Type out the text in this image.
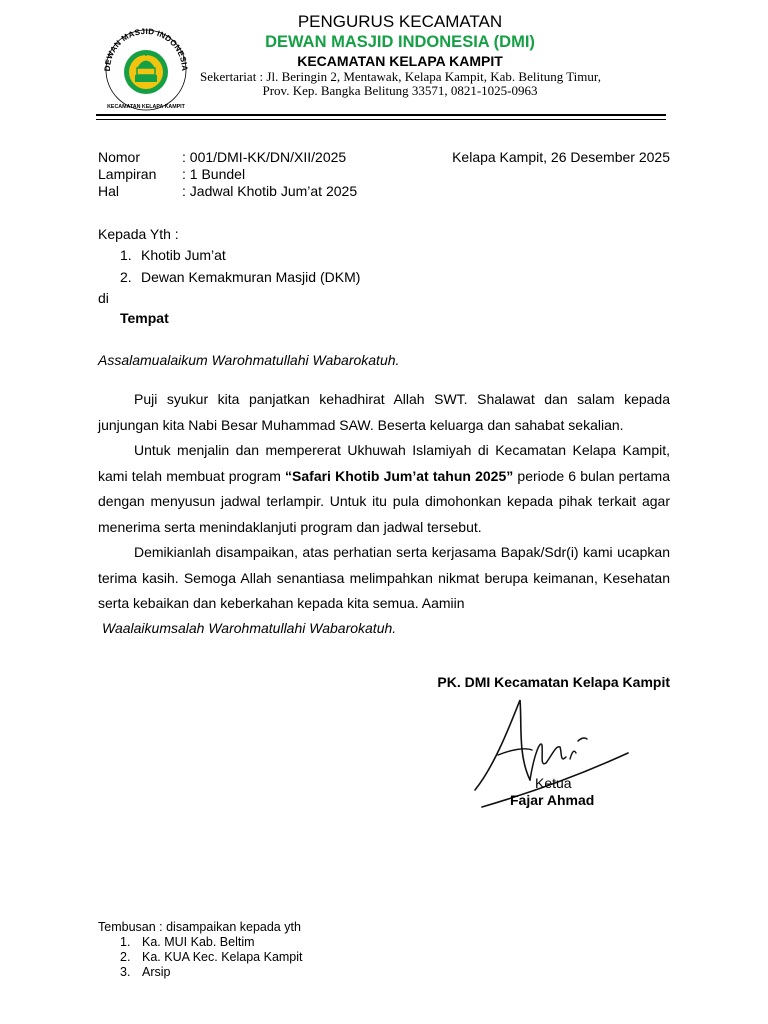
DEWAN MASJID INDONESIA
KECAMATAN KELAPA KAMPIT
PENGURUS KECAMATAN
DEWAN MASJID INDONESIA (DMI)
KECAMATAN KELAPA KAMPIT
Sekertariat : Jl. Beringin 2, Mentawak, Kelapa Kampit, Kab. Belitung Timur,
Prov. Kep. Bangka Belitung 33571, 0821-1025-0963
Nomor	: 001/DMI-KK/DN/XII/2025
Lampiran : 1 Bundel
Hal	: Jadwal Khotib Jum’at 2025
Kelapa Kampit, 26 Desember 2025
Kepada Yth :
1. Khotib Jum’at
2. Dewan Kemakmuran Masjid (DKM)
di
Tempat
Assalamualaikum Warohmatullahi Wabarokatuh.
Puji syukur kita panjatkan kehadhirat Allah SWT. Shalawat dan salam kepada junjungan kita Nabi Besar Muhammad SAW. Beserta keluarga dan sahabat sekalian.
Untuk menjalin dan mempererat Ukhuwah Islamiyah di Kecamatan Kelapa Kampit, kami telah membuat program “Safari Khotib Jum’at tahun 2025” periode 6 bulan pertama dengan menyusun jadwal terlampir. Untuk itu pula dimohonkan kepada pihak terkait agar menerima serta menindaklanjuti program dan jadwal tersebut.
Demikianlah disampaikan, atas perhatian serta kerjasama Bapak/Sdr(i) kami ucapkan terima kasih. Semoga Allah senantiasa melimpahkan nikmat berupa keimanan, Kesehatan serta kebaikan dan keberkahan kepada kita semua. Aamiin
Waalaikumsalah Warohmatullahi Wabarokatuh.
PK. DMI Kecamatan Kelapa Kampit
Ketua
Fajar Ahmad
Tembusan : disampaikan kepada yth
1. Ka. MUI Kab. Beltim
2. Ka. KUA Kec. Kelapa Kampit
3. Arsip
